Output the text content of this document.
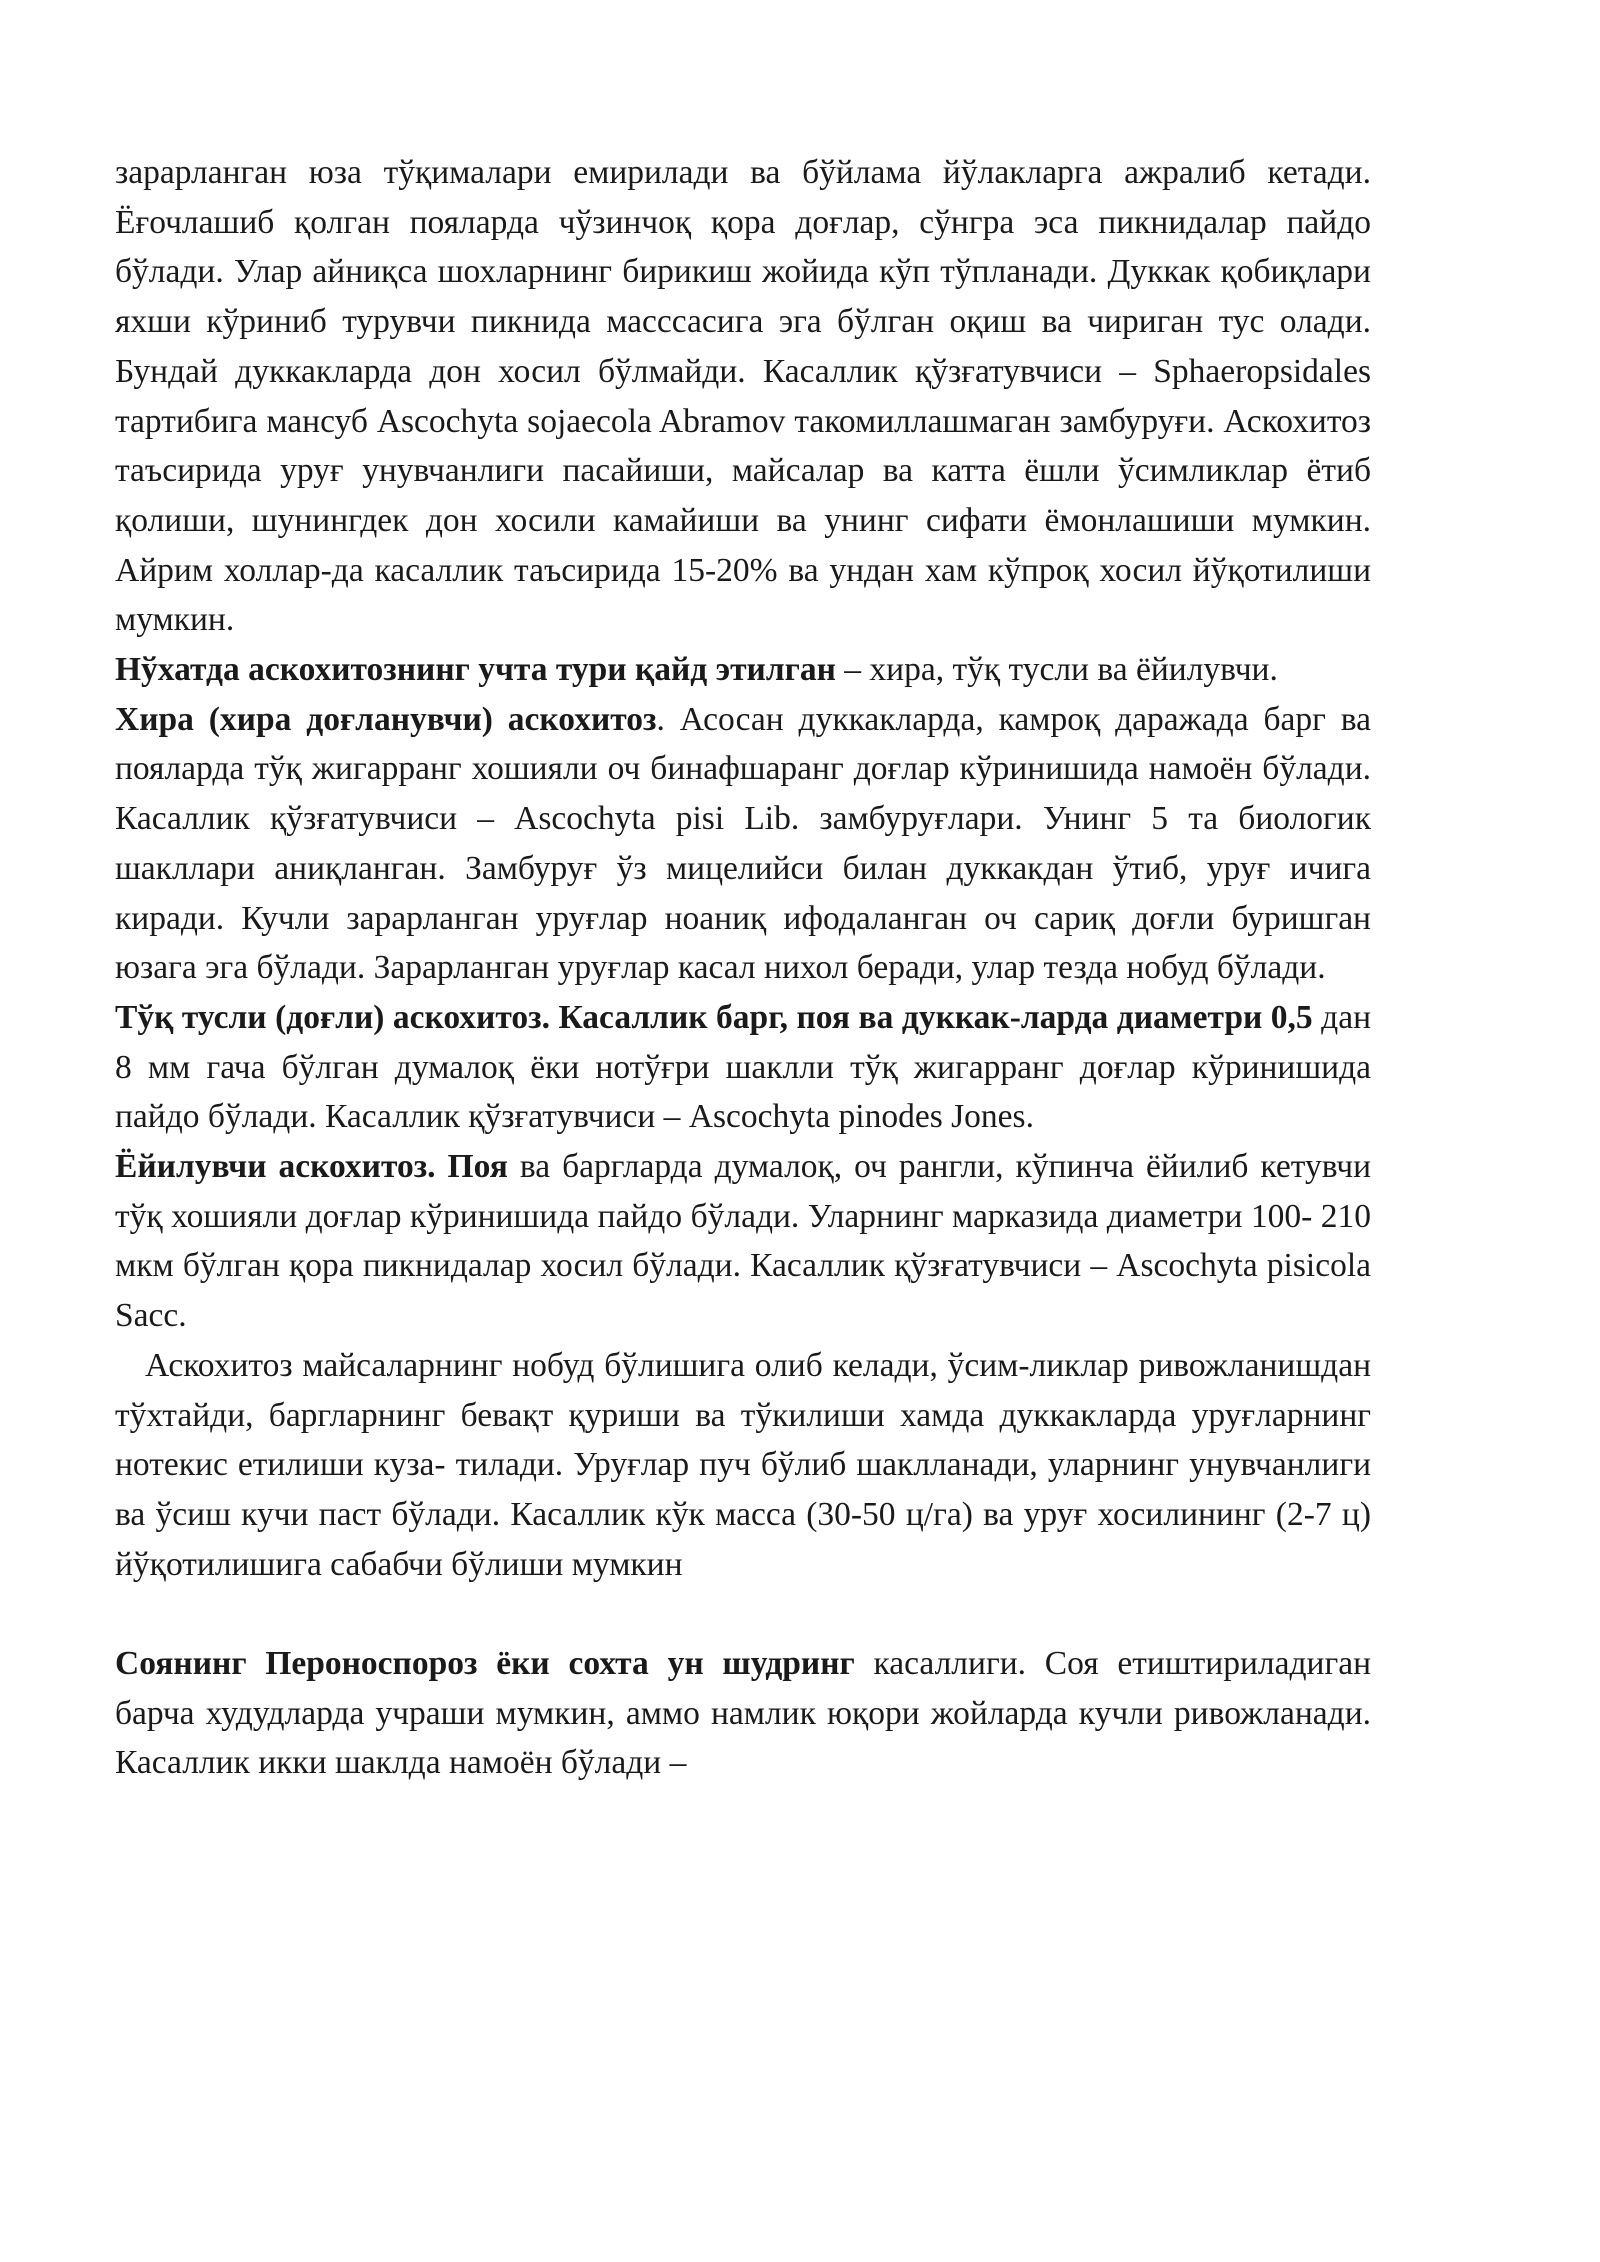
зарарланган юза тўқималари емирилади ва бўйлама йўлакларга ажралиб кетади. Ёғочлашиб қолган пояларда чўзинчоқ қора доғлар, сўнгра эса пикнидалар пайдо бўлади. Улар айниқса шохларнинг бирикиш жойида кўп тўпланади. Дуккак қобиқлари яхши кўриниб турувчи пикнида масссасига эга бўлган оқиш ва чириган тус олади. Бундай дуккакларда дон хосил бўлмайди. Касаллик қўзғатувчиси – Sphaeropsidales тартибига мансуб Ascochyta sojaecola Abramov такомиллашмаган замбуруғи. Аскохитоз таъсирида уруғ унувчанлиги пасайиши, майсалар ва катта ёшли ўсимликлар ётиб қолиши, шунингдек дон хосили камайиши ва унинг сифати ёмонлашиши мумкин. Айрим холлар-да касаллик таъсирида 15-20% ва ундан хам кўпроқ хосил йўқотилиши мумкин.

Нўхатда аскохитознинг учта тури қайд этилган – хира, тўқ тусли ва ёйилувчи.

Хира (хира доғланувчи) аскохитоз. Асосан дуккакларда, камроқ даражада барг ва пояларда тўқ жигарранг хошияли оч бинафшаранг доғлар кўринишида намоён бўлади. Касаллик қўзғатувчиси – Ascochyta pisi Lib. замбуруғлари. Унинг 5 та биологик шакллари аниқланган. Замбуруғ ўз мицелийси билан дуккакдан ўтиб, уруғ ичига киради. Кучли зарарланган уруғлар ноаниқ ифодаланган оч сариқ доғли буришган юзага эга бўлади. Зарарланган уруғлар касал нихол беради, улар тезда нобуд бўлади.

Тўқ тусли (доғли) аскохитоз. Касаллик барг, поя ва дуккак-ларда диаметри 0,5 дан 8 мм гача бўлган думалоқ ёки нотўғри шаклли тўқ жигарранг доғлар кўринишида пайдо бўлади. Касаллик қўзғатувчиси – Ascochyta pinodes Jones.

Ёйилувчи аскохитоз. Поя ва баргларда думалоқ, оч рангли, кўпинча ёйилиб кетувчи тўқ хошияли доғлар кўринишида пайдо бўлади. Уларнинг марказида диаметри 100- 210 мкм бўлган қора пикнидалар хосил бўлади. Касаллик қўзғатувчиси – Ascochyta pisicola Sacc.

Аскохитоз майсаларнинг нобуд бўлишига олиб келади, ўсим-ликлар ривожланишдан тўхтайди, баргларнинг бевақт қуриши ва тўкилиши хамда дуккакларда уруғларнинг нотекис етилиши куза- тилади. Уруғлар пуч бўлиб шаклланади, уларнинг унувчанлиги ва ўсиш кучи паст бўлади. Касаллик кўк масса (30-50 ц/га) ва уруғ хосилининг (2-7 ц) йўқотилишига сабабчи бўлиши мумкин

Соянинг Пероноспороз ёки сохта ун шудринг касаллиги. Соя етиштириладиган барча худудларда учраши мумкин, аммо намлик юқори жойларда кучли ривожланади. Касаллик икки шаклда намоён бўлади –
